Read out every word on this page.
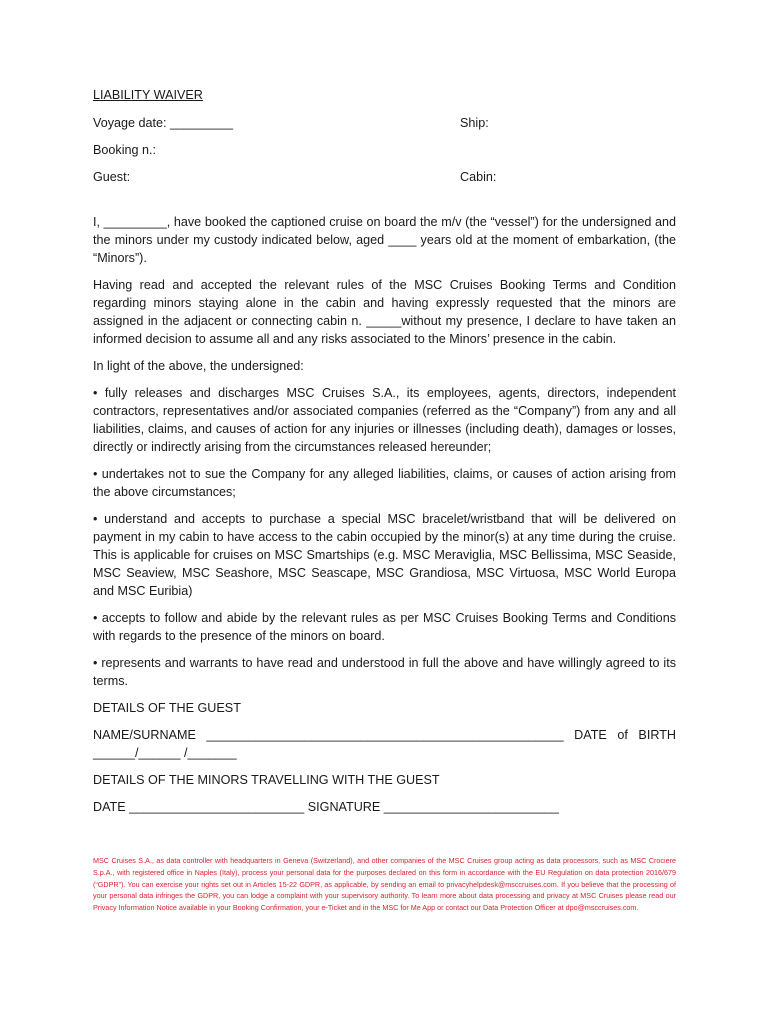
LIABILITY WAIVER
Voyage date: _________	Ship:
Booking n.:
Guest:	Cabin:

I, _________, have booked the captioned cruise on board the m/v (the “vessel”) for the undersigned and the minors under my custody indicated below, aged ____ years old at the moment of embarkation, (the “Minors”).

Having read and accepted the relevant rules of the MSC Cruises Booking Terms and Condition regarding minors staying alone in the cabin and having expressly requested that the minors are assigned in the adjacent or connecting cabin n. _____without my presence, I declare to have taken an informed decision to assume all and any risks associated to the Minors’ presence in the cabin.

In light of the above, the undersigned:

• fully releases and discharges MSC Cruises S.A., its employees, agents, directors, independent contractors, representatives and/or associated companies (referred as the “Company”) from any and all liabilities, claims, and causes of action for any injuries or illnesses (including death), damages or losses, directly or indirectly arising from the circumstances released hereunder;

• undertakes not to sue the Company for any alleged liabilities, claims, or causes of action arising from the above circumstances;

• understand and accepts to purchase a special MSC bracelet/wristband that will be delivered on payment in my cabin to have access to the cabin occupied by the minor(s) at any time during the cruise. This is applicable for cruises on MSC Smartships (e.g. MSC Meraviglia, MSC Bellissima, MSC Seaside, MSC Seaview, MSC Seashore, MSC Seascape, MSC Grandiosa, MSC Virtuosa, MSC World Europa and MSC Euribia)

• accepts to follow and abide by the relevant rules as per MSC Cruises Booking Terms and Conditions with regards to the presence of the minors on board.

• represents and warrants to have read and understood in full the above and have willingly agreed to its terms.

DETAILS OF THE GUEST
NAME/SURNAME ___________________________________________________ DATE of BIRTH ______/______ /_______
DETAILS OF THE MINORS TRAVELLING WITH THE GUEST
DATE _________________________ SIGNATURE _________________________
MSC Cruises S.A., as data controller with headquarters in Geneva (Switzerland), and other companies of the MSC Cruises group acting as data processors, such as MSC Crociere S.p.A., with registered office in Naples (Italy), process your personal data for the purposes declared on this form in accordance with the EU Regulation on data protection 2016/679 (“GDPR”). You can exercise your rights set out in Articles 15-22 GDPR, as applicable, by sending an email to privacyhelpdesk@msccruises.com. If you believe that the processing of your personal data infringes the GDPR, you can lodge a complaint with your supervisory authority. To learn more about data processing and privacy at MSC Cruises please read our Privacy Information Notice available in your Booking Confirmation, your e-Ticket and in the MSC for Me App or contact our Data Protection Officer at dpo@msccruises.com.
